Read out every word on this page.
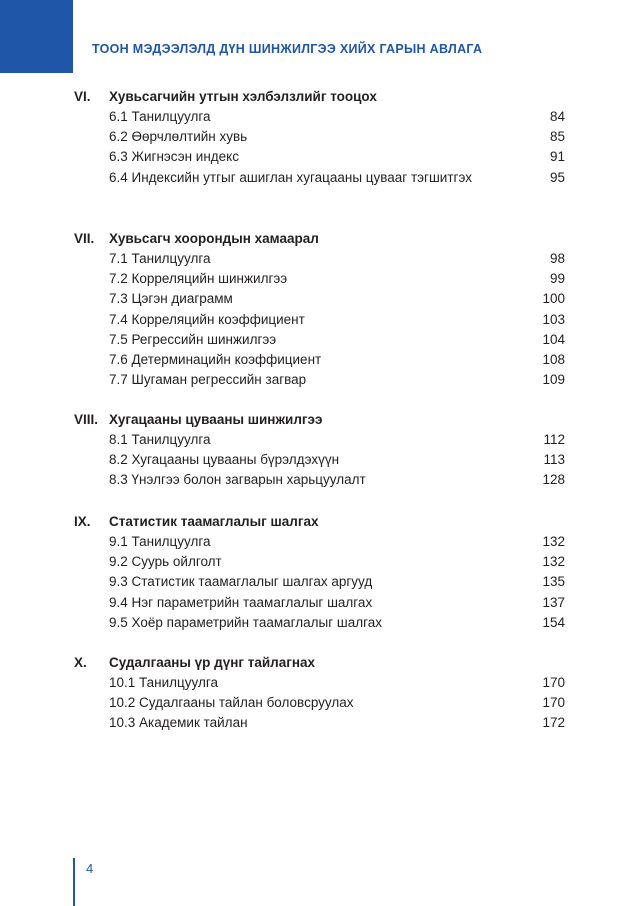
ТООН МЭДЭЭЛЭЛД ДҮН ШИНЖИЛГЭЭ ХИЙХ ГАРЫН АВЛАГА
VI. Хувьсагчийн утгын хэлбэлзлийг тооцох
6.1 Танилцуулга	84
6.2 Өөрчлөлтийн хувь	85
6.3 Жигнэсэн индекс	91
6.4 Индексийн утгыг ашиглан хугацааны цувааг тэгшитгэх	95
VII. Хувьсагч хоорондын хамаарал
7.1 Танилцуулга	98
7.2 Корреляцийн шинжилгээ	99
7.3 Цэгэн диаграмм	100
7.4 Корреляцийн коэффициент	103
7.5 Регрессийн шинжилгээ	104
7.6 Детерминацийн коэффициент	108
7.7 Шугаман регрессийн загвар	109
VIII. Хугацааны цувааны шинжилгээ
8.1 Танилцуулга	112
8.2 Хугацааны цувааны бүрэлдэхүүн	113
8.3 Үнэлгээ болон загварын харьцуулалт	128
IX. Статистик таамаглалыг шалгах
9.1 Танилцуулга	132
9.2 Суурь ойлголт	132
9.3 Статистик таамаглалыг шалгах аргууд	135
9.4 Нэг параметрийн таамаглалыг шалгах	137
9.5 Хоёр параметрийн таамаглалыг шалгах	154
X. Судалгааны үр дүнг тайлагнах
10.1 Танилцуулга	170
10.2 Судалгааны тайлан боловсруулах	170
10.3 Академик тайлан	172
4
